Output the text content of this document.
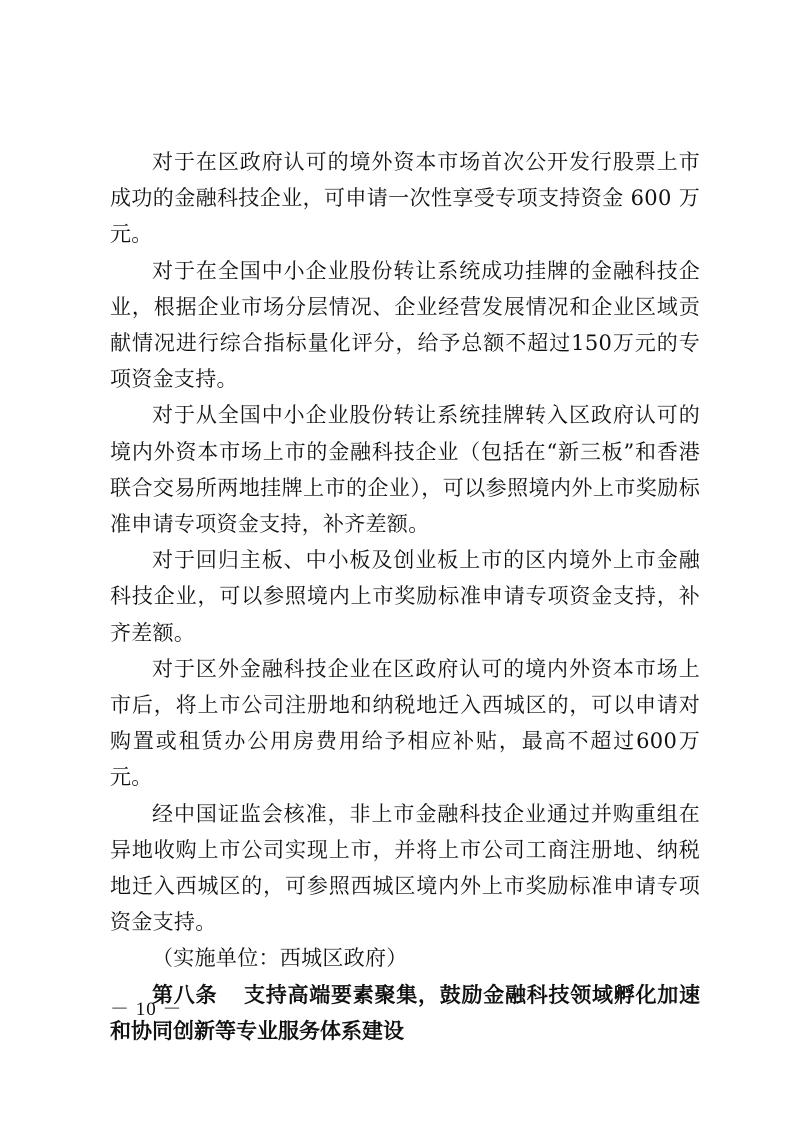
对于在区政府认可的境外资本市场首次公开发行股票上市成功的金融科技企业，可申请一次性享受专项支持资金 600 万元。

对于在全国中小企业股份转让系统成功挂牌的金融科技企业，根据企业市场分层情况、企业经营发展情况和企业区域贡献情况进行综合指标量化评分，给予总额不超过150万元的专项资金支持。

对于从全国中小企业股份转让系统挂牌转入区政府认可的境内外资本市场上市的金融科技企业（包括在“新三板”和香港联合交易所两地挂牌上市的企业），可以参照境内外上市奖励标准申请专项资金支持，补齐差额。

对于回归主板、中小板及创业板上市的区内境外上市金融科技企业，可以参照境内上市奖励标准申请专项资金支持，补齐差额。

对于区外金融科技企业在区政府认可的境内外资本市场上市后，将上市公司注册地和纳税地迁入西城区的，可以申请对购置或租赁办公用房费用给予相应补贴，最高不超过600万元。

经中国证监会核准，非上市金融科技企业通过并购重组在异地收购上市公司实现上市，并将上市公司工商注册地、纳税地迁入西城区的，可参照西城区境内外上市奖励标准申请专项资金支持。

（实施单位：西城区政府）

第八条 支持高端要素聚集，鼓励金融科技领域孵化加速和协同创新等专业服务体系建设

－ 10 －
